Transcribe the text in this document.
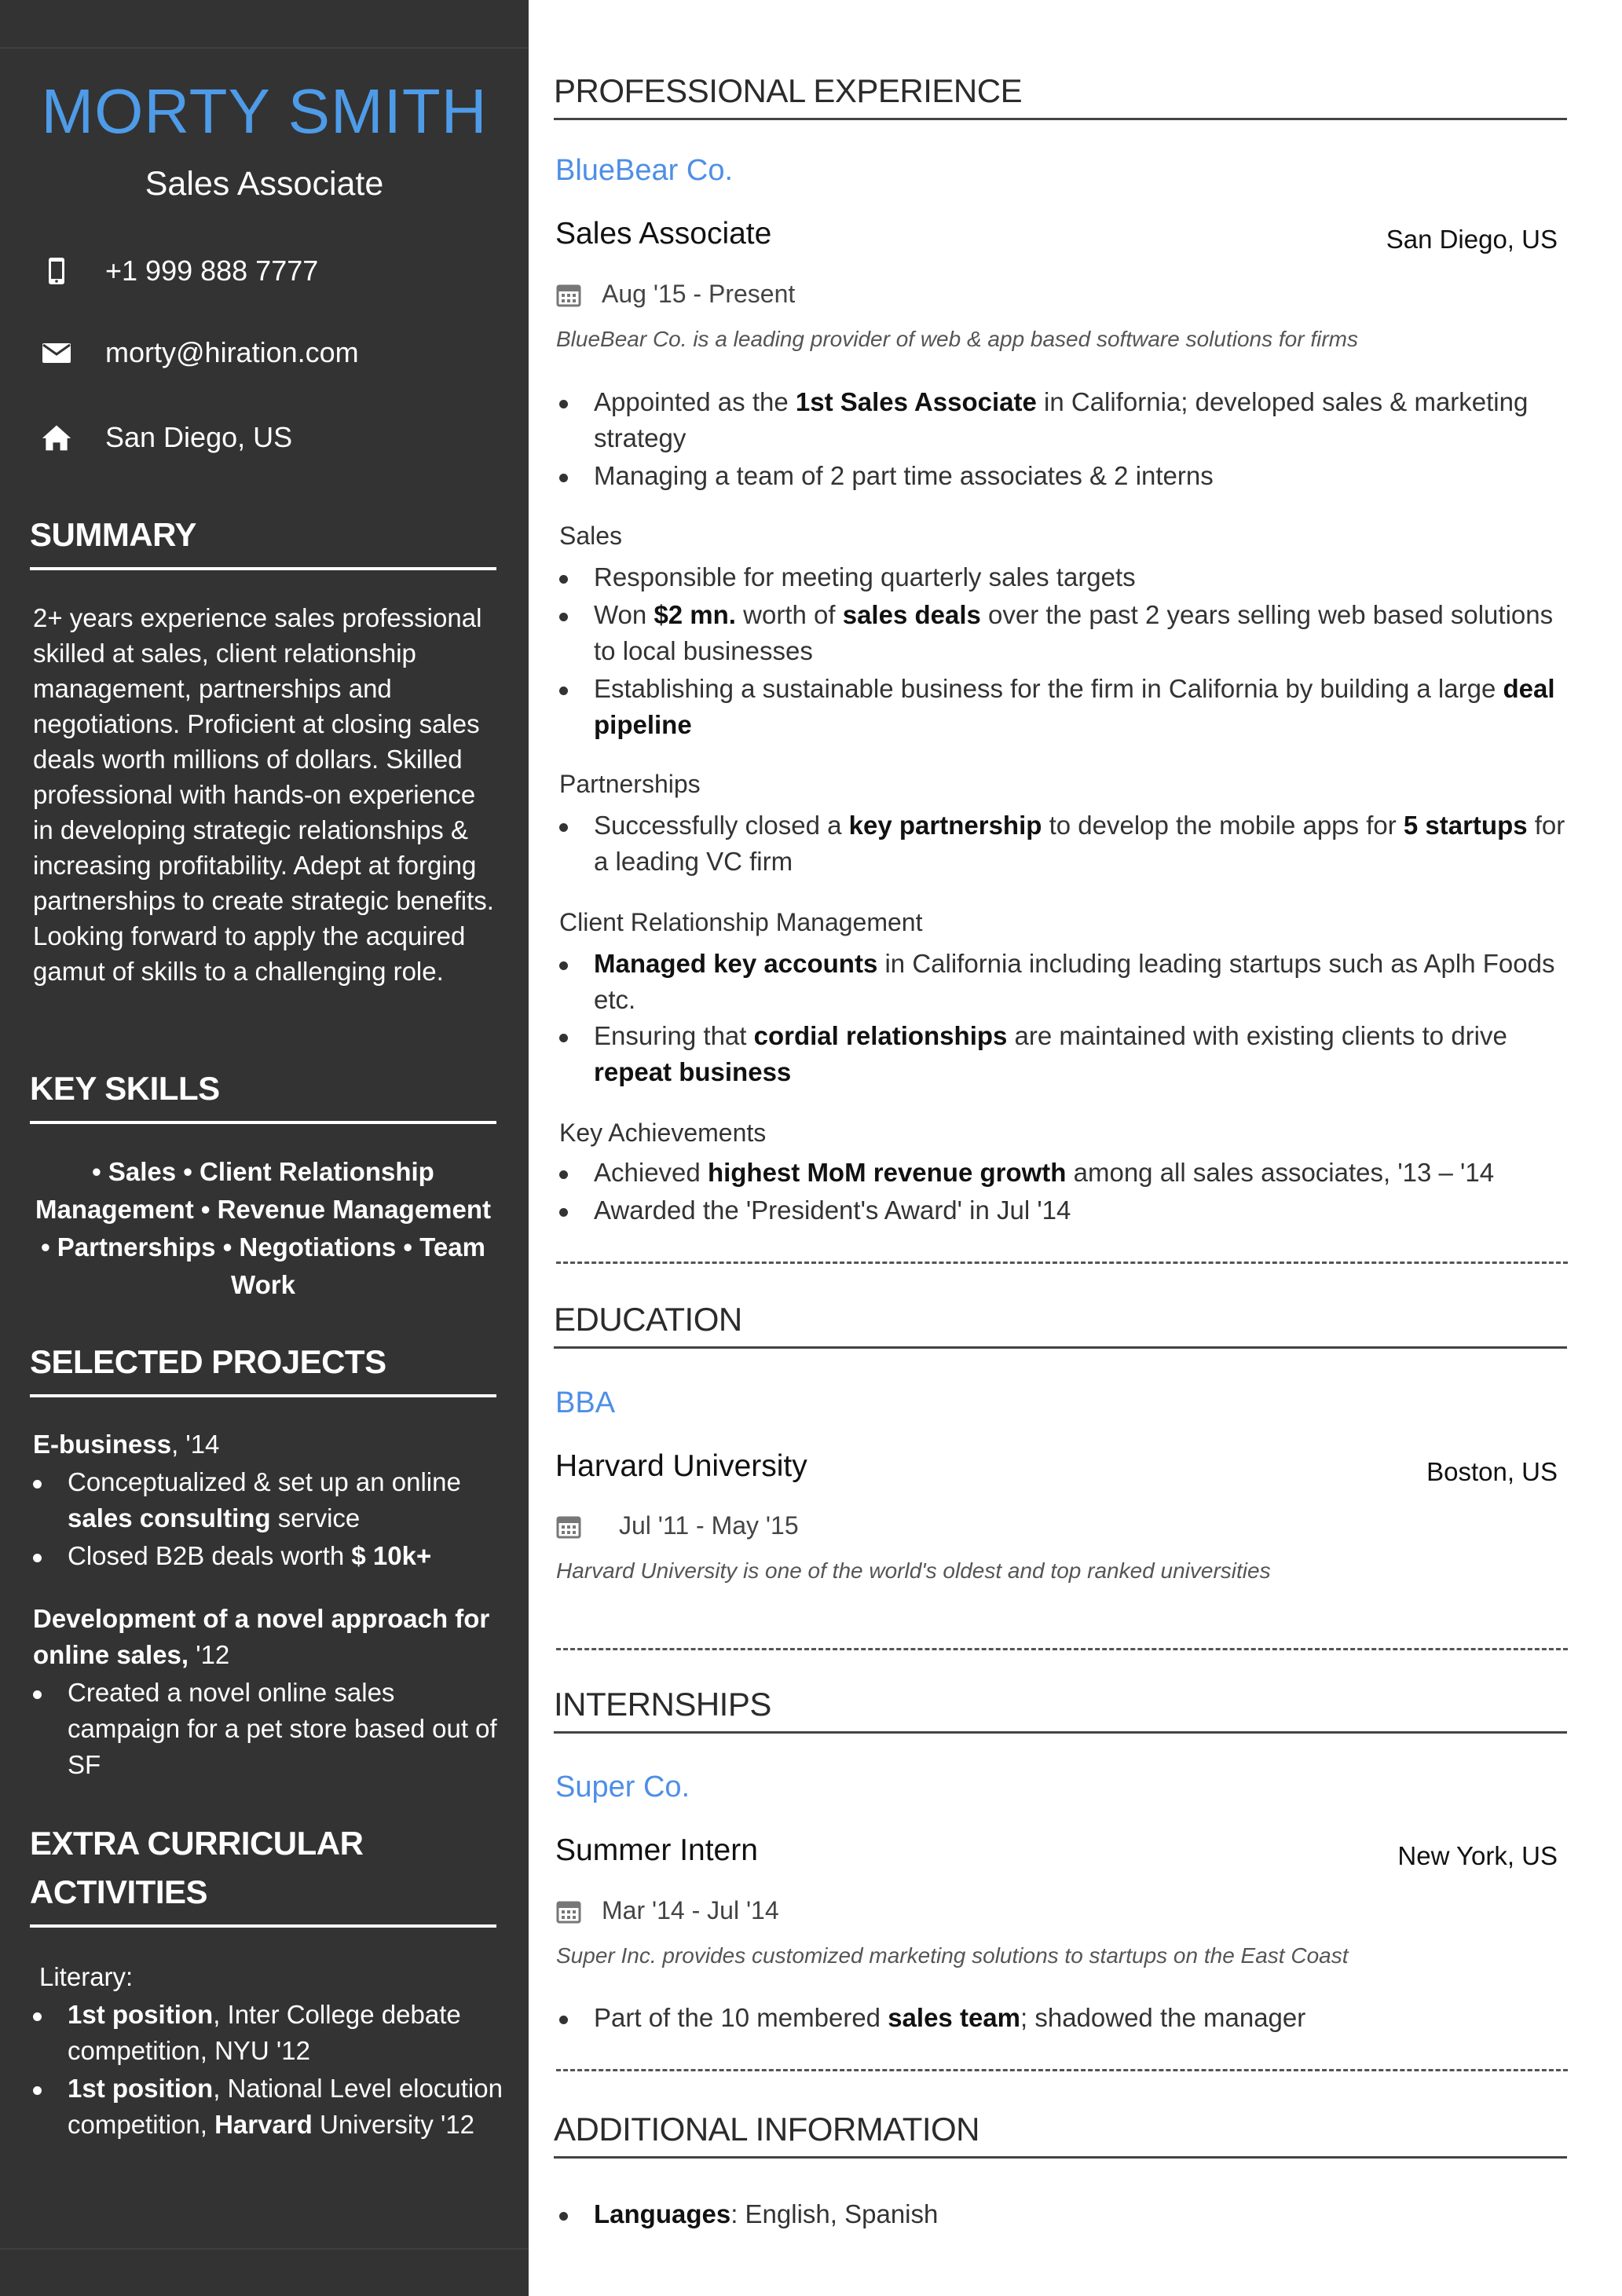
MORTY SMITH
Sales Associate
+1 999 888 7777
morty@hiration.com
San Diego, US
SUMMARY
2+ years experience sales professional skilled at sales, client relationship management, partnerships and negotiations. Proficient at closing sales deals worth millions of dollars. Skilled professional with hands-on experience in developing strategic relationships & increasing profitability. Adept at forging partnerships to create strategic benefits. Looking forward to apply the acquired gamut of skills to a challenging role.
KEY SKILLS
• Sales • Client Relationship Management • Revenue Management • Partnerships • Negotiations • Team Work
SELECTED PROJECTS
E-business, '14
Conceptualized & set up an online sales consulting service
Closed B2B deals worth $ 10k+
Development of a novel approach for online sales, '12
Created a novel online sales campaign for a pet store based out of SF
EXTRA CURRICULAR ACTIVITIES
Literary:
1st position, Inter College debate competition, NYU '12
1st position, National Level elocution competition, Harvard University '12
PROFESSIONAL EXPERIENCE
BlueBear Co.
Sales Associate	San Diego, US
Aug '15 - Present
BlueBear Co. is a leading provider of web & app based software solutions for firms
Appointed as the 1st Sales Associate in California; developed sales & marketing strategy
Managing a team of 2 part time associates & 2 interns
Sales
Responsible for meeting quarterly sales targets
Won $2 mn. worth of sales deals over the past 2 years selling web based solutions to local businesses
Establishing a sustainable business for the firm in California by building a large deal pipeline
Partnerships
Successfully closed a key partnership to develop the mobile apps for 5 startups for a leading VC firm
Client Relationship Management
Managed key accounts in California including leading startups such as Aplh Foods etc.
Ensuring that cordial relationships are maintained with existing clients to drive repeat business
Key Achievements
Achieved highest MoM revenue growth among all sales associates, '13 – '14
Awarded the 'President's Award' in Jul '14
EDUCATION
BBA
Harvard University	Boston, US
Jul '11 - May '15
Harvard University is one of the world's oldest and top ranked universities
INTERNSHIPS
Super Co.
Summer Intern	New York, US
Mar '14 - Jul '14
Super Inc. provides customized marketing solutions to startups on the East Coast
Part of the 10 membered sales team; shadowed the manager
ADDITIONAL INFORMATION
Languages: English, Spanish
